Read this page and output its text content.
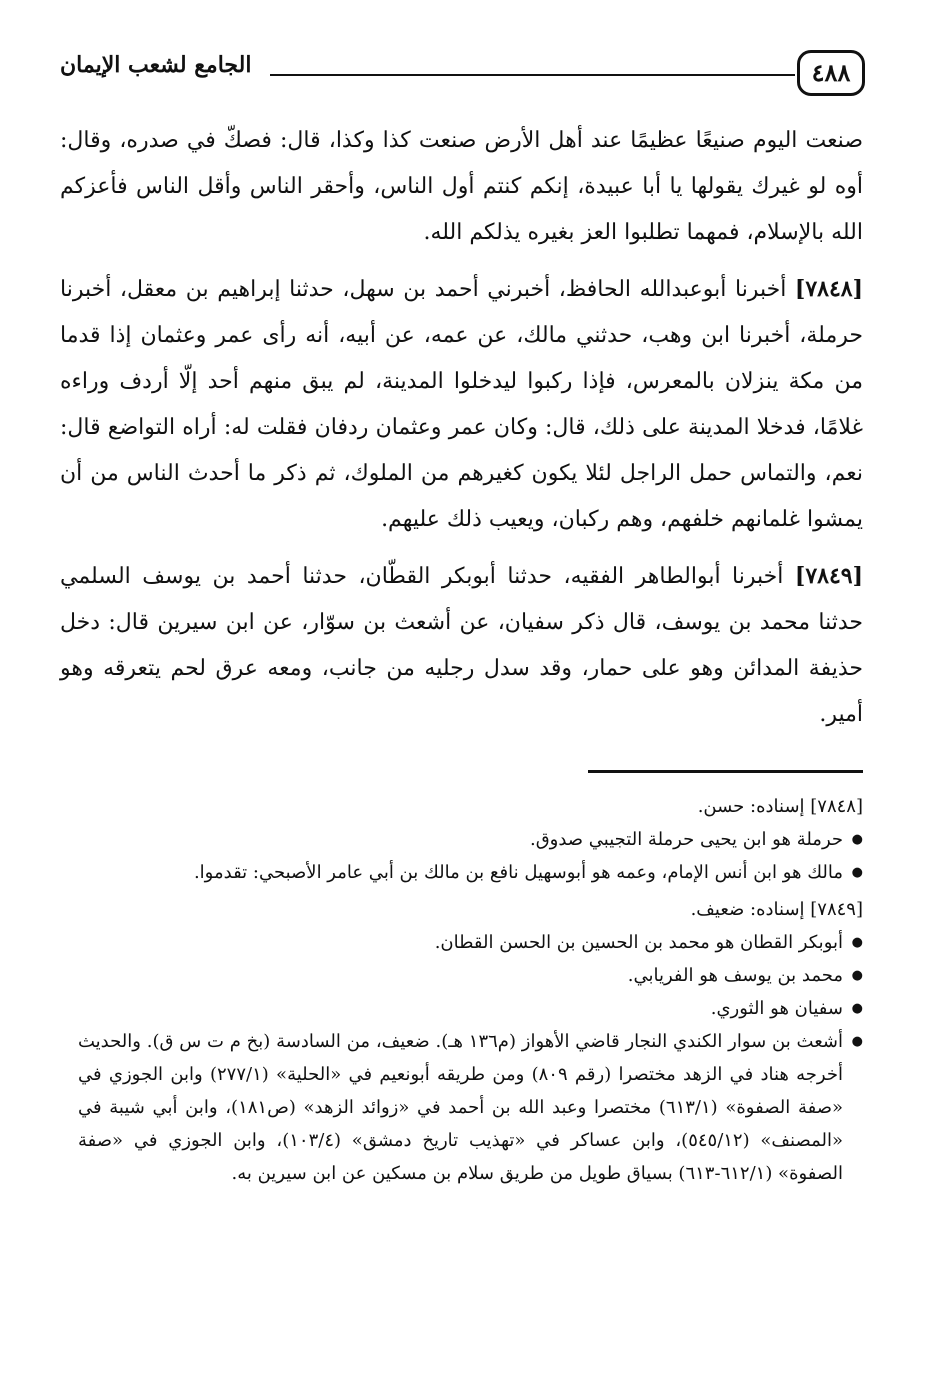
٤٨٨
الجامع لشعب الإيمان

صنعت اليوم صنيعًا عظيمًا عند أهل الأرض صنعت كذا وكذا، قال: فصكّ في صدره، وقال: أوه لو غيرك يقولها يا أبا عبيدة، إنكم كنتم أول الناس، وأحقر الناس وأقل الناس فأعزكم الله بالإسلام، فمهما تطلبوا العز بغيره يذلكم الله.

[٧٨٤٨] أخبرنا أبوعبدالله الحافظ، أخبرني أحمد بن سهل، حدثنا إبراهيم بن معقل، أخبرنا حرملة، أخبرنا ابن وهب، حدثني مالك، عن عمه، عن أبيه، أنه رأى عمر وعثمان إذا قدما من مكة ينزلان بالمعرس، فإذا ركبوا ليدخلوا المدينة، لم يبق منهم أحد إلّا أردف وراءه غلامًا، فدخلا المدينة على ذلك، قال: وكان عمر وعثمان ردفان فقلت له: أراه التواضع قال: نعم، والتماس حمل الراجل لئلا يكون كغيرهم من الملوك، ثم ذكر ما أحدث الناس من أن يمشوا غلمانهم خلفهم، وهم ركبان، ويعيب ذلك عليهم.

[٧٨٤٩] أخبرنا أبوالطاهر الفقيه، حدثنا أبوبكر القطّان، حدثنا أحمد بن يوسف السلمي حدثنا محمد بن يوسف، قال ذكر سفيان، عن أشعث بن سوّار، عن ابن سيرين قال: دخل حذيفة المدائن وهو على حمار، وقد سدل رجليه من جانب، ومعه عرق لحم يتعرقه وهو أمير.

[٧٨٤٨] إسناده: حسن.

● حرملة هو ابن يحيى حرملة التجيبي صدوق.
● مالك هو ابن أنس الإمام، وعمه هو أبوسهيل نافع بن مالك بن أبي عامر الأصبحي: تقدموا.

[٧٨٤٩] إسناده: ضعيف.

● أبوبكر القطان هو محمد بن الحسين بن الحسن القطان.
● محمد بن يوسف هو الفريابي.
● سفيان هو الثوري.
● أشعث بن سوار الكندي النجار قاضي الأهواز (م١٣٦ هـ). ضعيف، من السادسة (بخ م ت س ق). والحديث أخرجه هناد في الزهد مختصرا (رقم ٨٠٩) ومن طريقه أبونعيم في «الحلية» (٢٧٧/١) وابن الجوزي في «صفة الصفوة» (٦١٣/١) مختصرا وعبد الله بن أحمد في «زوائد الزهد» (ص١٨١)، وابن أبي شيبة في «المصنف» (٥٤٥/١٢)، وابن عساكر في «تهذيب تاريخ دمشق» (١٠٣/٤)، وابن الجوزي في «صفة الصفوة» (٦١٢/١-٦١٣) بسياق طويل من طريق سلام بن مسكين عن ابن سيرين به.
